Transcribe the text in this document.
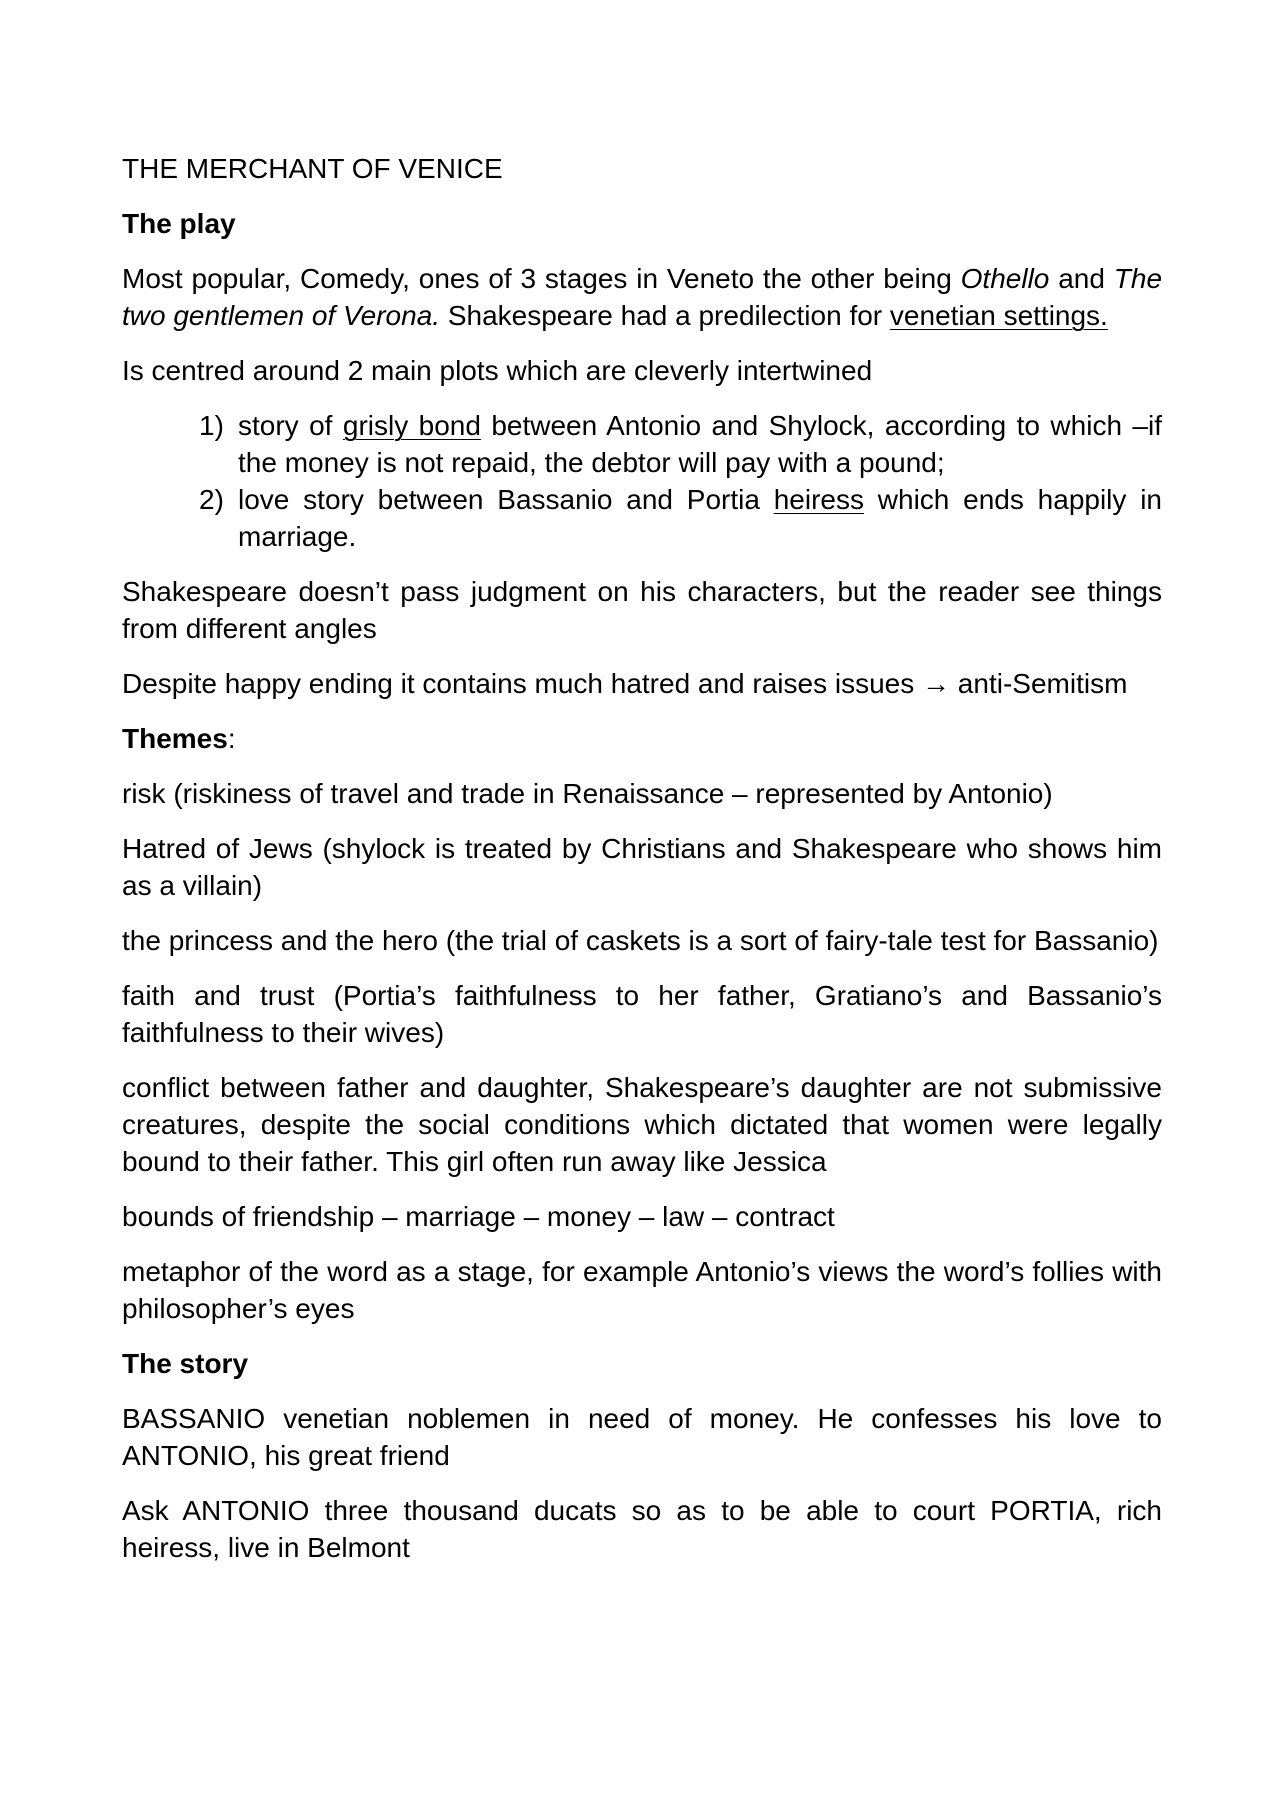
THE MERCHANT OF VENICE

The play

Most popular, Comedy, ones of 3 stages in Veneto the other being Othello and The two gentlemen of Verona. Shakespeare had a predilection for venetian settings.

Is centred around 2 main plots which are cleverly intertwined

1) story of grisly bond between Antonio and Shylock, according to which –if the money is not repaid, the debtor will pay with a pound;
2) love story between Bassanio and Portia heiress which ends happily in marriage.

Shakespeare doesn’t pass judgment on his characters, but the reader see things from different angles

Despite happy ending it contains much hatred and raises issues → anti-Semitism

Themes:

risk (riskiness of travel and trade in Renaissance – represented by Antonio)

Hatred of Jews (shylock is treated by Christians and Shakespeare who shows him as a villain)

the princess and the hero (the trial of caskets is a sort of fairy-tale test for Bassanio)

faith and trust (Portia’s faithfulness to her father, Gratiano’s and Bassanio’s faithfulness to their wives)

conflict between father and daughter, Shakespeare’s daughter are not submissive creatures, despite the social conditions which dictated that women were legally bound to their father. This girl often run away like Jessica

bounds of friendship – marriage – money – law – contract

metaphor of the word as a stage, for example Antonio’s views the word’s follies with philosopher’s eyes

The story

BASSANIO venetian noblemen in need of money. He confesses his love to ANTONIO, his great friend

Ask ANTONIO three thousand ducats so as to be able to court PORTIA, rich heiress, live in Belmont
